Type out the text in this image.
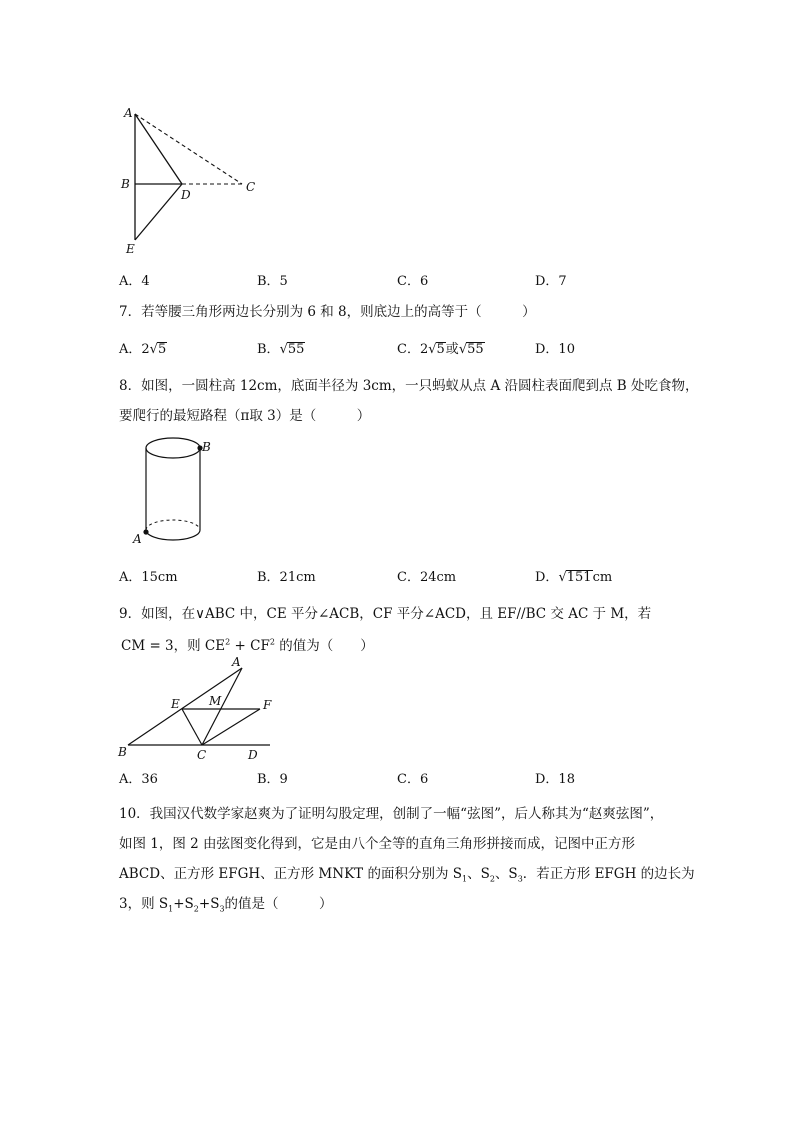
A
B
D
C
E
A．4	B．5	C．6	D．7
7．若等腰三角形两边长分别为 6 和 8，则底边上的高等于（　　　）
A．2√5	B．√55	C．2√5或√55	D．10
8．如图，一圆柱高 12cm，底面半径为 3cm，一只蚂蚁从点 A 沿圆柱表面爬到点 B 处吃食物，
要爬行的最短路程（π取 3）是（　　　）
B
A
A．15cm	B．21cm	C．24cm	D．√151cm
9．如图，在∨ABC 中，CE 平分∠ACB，CF 平分∠ACD，且 EF//BC 交 AC 于 M，若
CM = 3，则 $CE^2 + CF^2$ 的值为（　　）
A
E M	F
B	C	D
A．36	B．9	C．6	D．18
10．我国汉代数学家赵爽为了证明勾股定理，创制了一幅“弦图”，后人称其为“赵爽弦图”，
如图 1，图 2 由弦图变化得到，它是由八个全等的直角三角形拼接而成，记图中正方形
ABCD、正方形 EFGH、正方形 MNKT 的面积分别为 $S_1$、$S_2$、$S_3$．若正方形 EFGH 的边长为
3，则 $S_1+S_2+S_3$的值是（　　　）
